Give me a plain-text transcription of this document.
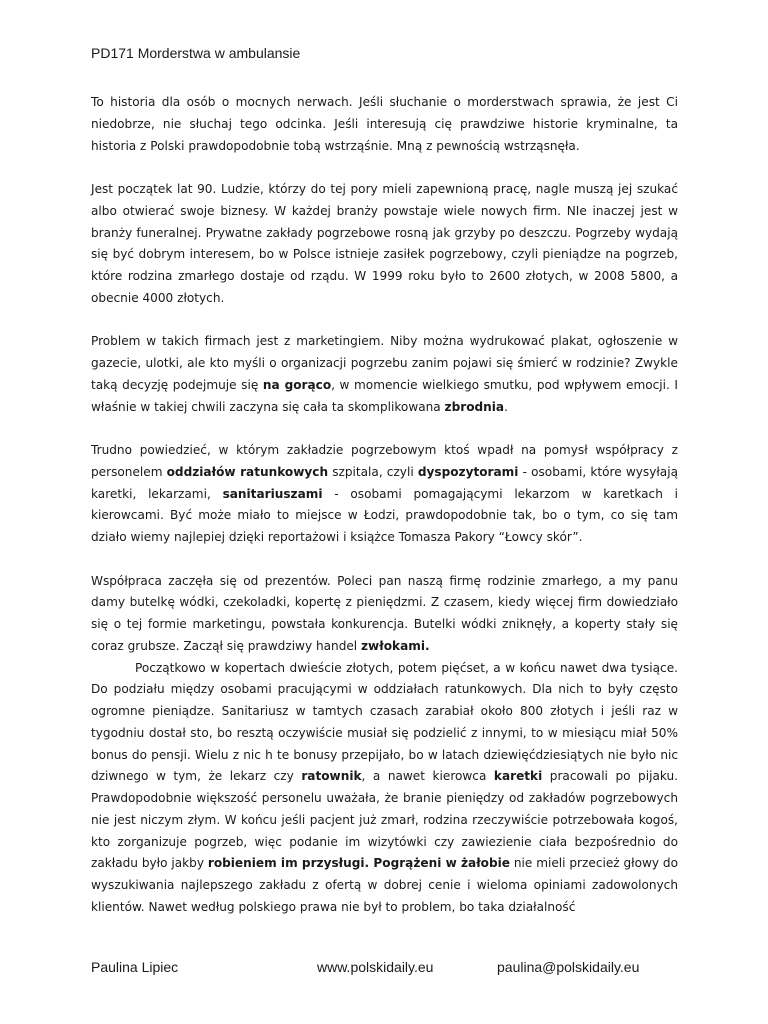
PD171 Morderstwa w ambulansie

To historia dla osób o mocnych nerwach. Jeśli słuchanie o morderstwach sprawia, że jest Ci niedobrze, nie słuchaj tego odcinka. Jeśli interesują cię prawdziwe historie kryminalne, ta historia z Polski prawdopodobnie tobą wstrząśnie. Mną z pewnością wstrząsnęła.

Jest początek lat 90. Ludzie, którzy do tej pory mieli zapewnioną pracę, nagle muszą jej szukać albo otwierać swoje biznesy. W każdej branży powstaje wiele nowych firm. NIe inaczej jest w branży funeralnej. Prywatne zakłady pogrzebowe rosną jak grzyby po deszczu. Pogrzeby wydają się być dobrym interesem, bo w Polsce istnieje zasiłek pogrzebowy, czyli pieniądze na pogrzeb, które rodzina zmarłego dostaje od rządu. W 1999 roku było to 2600 złotych, w 2008 5800, a obecnie 4000 złotych.

Problem w takich firmach jest z marketingiem. Niby można wydrukować plakat, ogłoszenie w gazecie, ulotki, ale kto myśli o organizacji pogrzebu zanim pojawi się śmierć w rodzinie? Zwykle taką decyzję podejmuje się na gorąco, w momencie wielkiego smutku, pod wpływem emocji. I właśnie w takiej chwili zaczyna się cała ta skomplikowana zbrodnia.

Trudno powiedzieć, w którym zakładzie pogrzebowym ktoś wpadł na pomysł współpracy z personelem oddziałów ratunkowych szpitala, czyli dyspozytorami - osobami, które wysyłają karetki, lekarzami, sanitariuszami - osobami pomagającymi lekarzom w karetkach i kierowcami. Być może miało to miejsce w Łodzi, prawdopodobnie tak, bo o tym, co się tam działo wiemy najlepiej dzięki reportażowi i książce Tomasza Pakory “Łowcy skór”.

Współpraca zaczęła się od prezentów. Poleci pan naszą firmę rodzinie zmarłego, a my panu damy butelkę wódki, czekoladki, kopertę z pieniędzmi. Z czasem, kiedy więcej firm dowiedziało się o tej formie marketingu, powstała konkurencja. Butelki wódki zniknęły, a koperty stały się coraz grubsze. Zaczął się prawdziwy handel zwłokami.

Początkowo w kopertach dwieście złotych, potem pięćset, a w końcu nawet dwa tysiące. Do podziału między osobami pracującymi w oddziałach ratunkowych. Dla nich to były często ogromne pieniądze. Sanitariusz w tamtych czasach zarabiał około 800 złotych i jeśli raz w tygodniu dostał sto, bo resztą oczywiście musiał się podzielić z innymi, to w miesiącu miał 50% bonus do pensji. Wielu z nic h te bonusy przepijało, bo w latach dziewięćdziesiątych nie było nic dziwnego w tym, że lekarz czy ratownik, a nawet kierowca karetki pracowali po pijaku. Prawdopodobnie większość personelu uważała, że branie pieniędzy od zakładów pogrzebowych nie jest niczym złym. W końcu jeśli pacjent już zmarł, rodzina rzeczywiście potrzebowała kogoś, kto zorganizuje pogrzeb, więc podanie im wizytówki czy zawiezienie ciała bezpośrednio do zakładu było jakby robieniem im przysługi. Pogrążeni w żałobie nie mieli przecież głowy do wyszukiwania najlepszego zakładu z ofertą w dobrej cenie i wieloma opiniami zadowolonych klientów. Nawet według polskiego prawa nie był to problem, bo taka działalność

Paulina Lipiec	www.polskidaily.eu	paulina@polskidaily.eu
